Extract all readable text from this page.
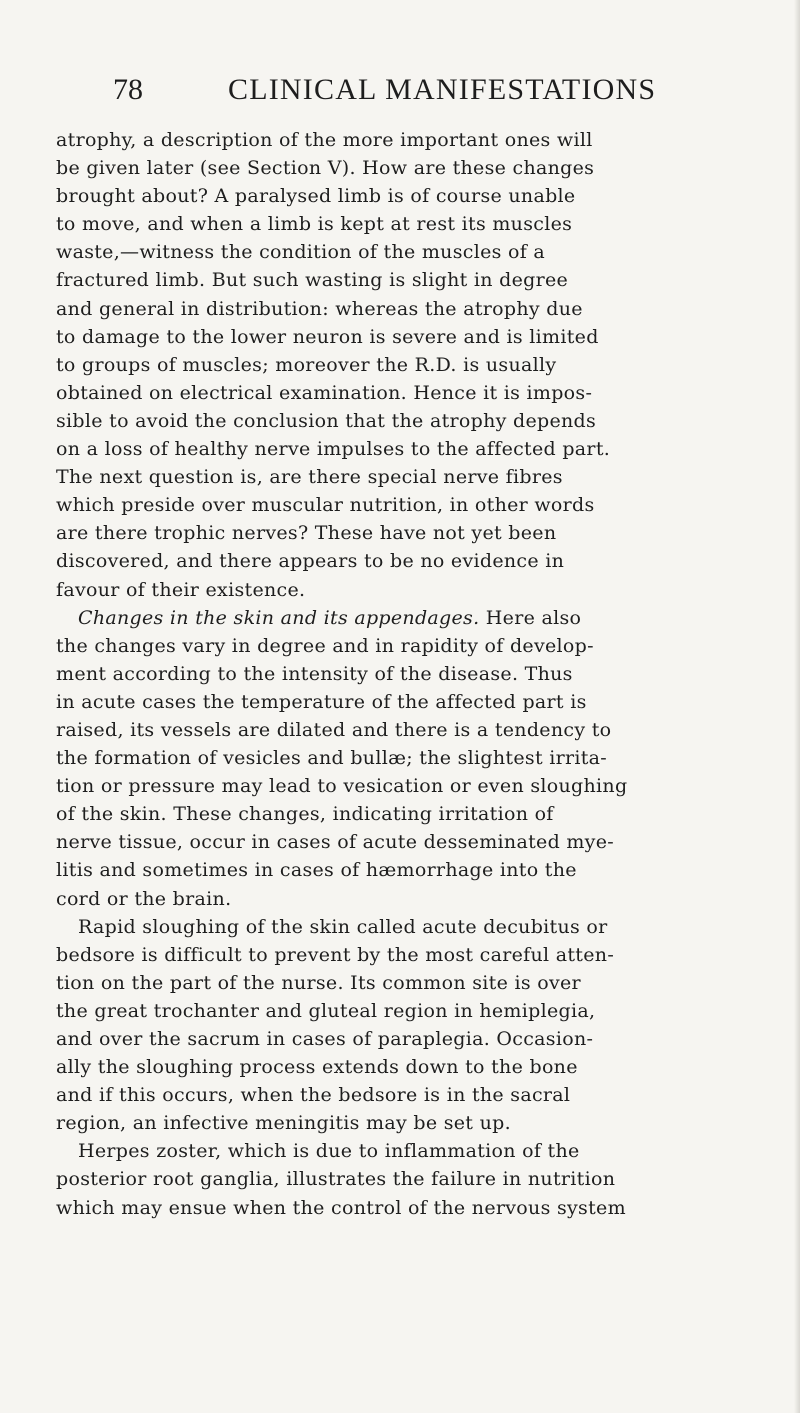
78	CLINICAL MANIFESTATIONS
atrophy, a description of the more important ones will
be given later (see Section V). How are these changes
brought about? A paralysed limb is of course unable
to move, and when a limb is kept at rest its muscles
waste,—witness the condition of the muscles of a
fractured limb. But such wasting is slight in degree
and general in distribution: whereas the atrophy due
to damage to the lower neuron is severe and is limited
to groups of muscles; moreover the R.D. is usually
obtained on electrical examination. Hence it is impos-
sible to avoid the conclusion that the atrophy depends
on a loss of healthy nerve impulses to the affected part.
The next question is, are there special nerve fibres
which preside over muscular nutrition, in other words
are there trophic nerves? These have not yet been
discovered, and there appears to be no evidence in
favour of their existence.
Changes in the skin and its appendages. Here also
the changes vary in degree and in rapidity of develop-
ment according to the intensity of the disease. Thus
in acute cases the temperature of the affected part is
raised, its vessels are dilated and there is a tendency to
the formation of vesicles and bullæ; the slightest irrita-
tion or pressure may lead to vesication or even sloughing
of the skin. These changes, indicating irritation of
nerve tissue, occur in cases of acute desseminated mye-
litis and sometimes in cases of hæmorrhage into the
cord or the brain.
Rapid sloughing of the skin called acute decubitus or
bedsore is difficult to prevent by the most careful atten-
tion on the part of the nurse. Its common site is over
the great trochanter and gluteal region in hemiplegia,
and over the sacrum in cases of paraplegia. Occasion-
ally the sloughing process extends down to the bone
and if this occurs, when the bedsore is in the sacral
region, an infective meningitis may be set up.
Herpes zoster, which is due to inflammation of the
posterior root ganglia, illustrates the failure in nutrition
which may ensue when the control of the nervous system
